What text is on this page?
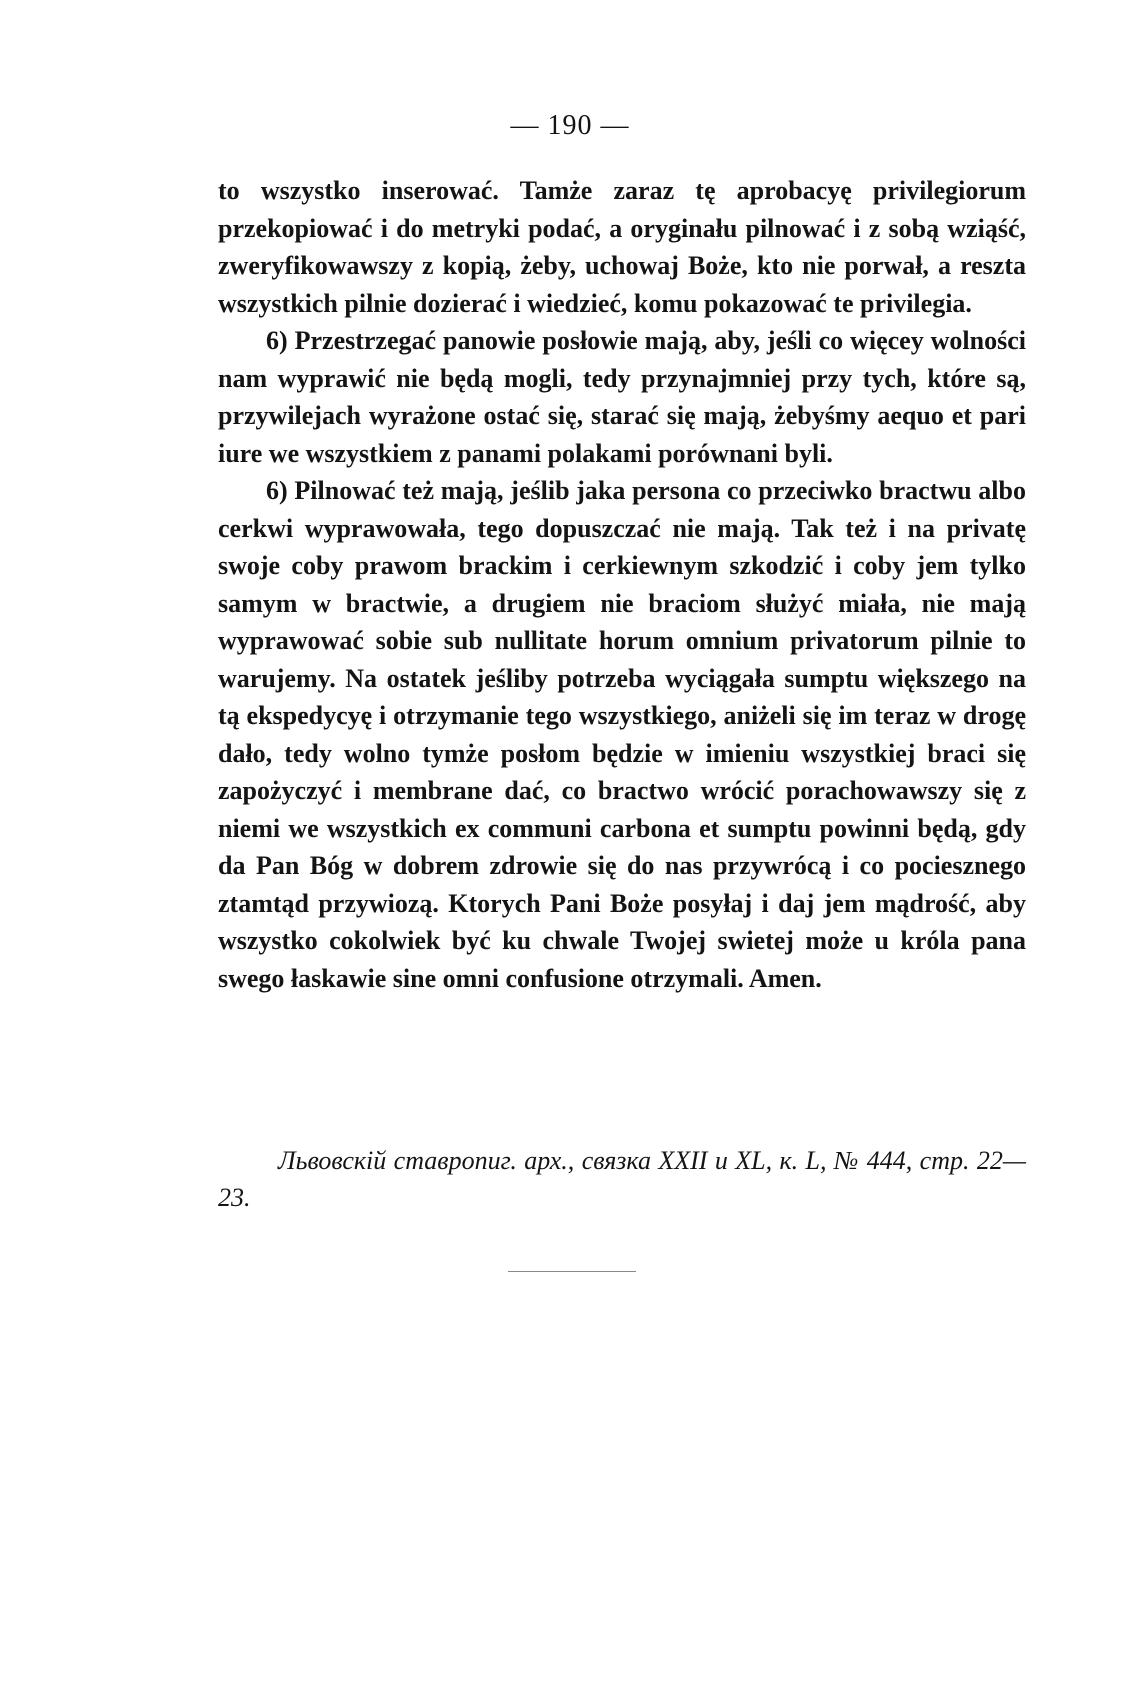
— 190 —

to wszystko inserować. Tamże zaraz tę aprobacyę privilegiorum przekopiować i do metryki podać, a oryginału pilnować i z sobą wziąść, zweryfikowawszy z kopią, żeby, uchowaj Boże, kto nie porwał, a reszta wszystkich pilnie dozierać i wiedzieć, komu pokazować te privilegia.

6) Przestrzegać panowie posłowie mają, aby, jeśli co więcey wolności nam wyprawić nie będą mogli, tedy przynajmniej przy tych, które są, przywilejach wyrażone ostać się, starać się mają, żebyśmy aequo et pari iure we wszystkiem z panami polakami porównani byli.

6) Pilnować też mają, jeślib jaka persona co przeciwko bractwu albo cerkwi wyprawowała, tego dopuszczać nie mają. Tak też i na privatę swoje coby prawom brackim i cerkiewnym szkodzić i coby jem tylko samym w bractwie, a drugiem nie braciom służyć miała, nie mają wyprawować sobie sub nullitate horum omnium privatorum pilnie to warujemy. Na ostatek jeśliby potrzeba wyciągała sumptu większego na tą ekspedycyę i otrzymanie tego wszystkiego, aniżeli się im teraz w drogę dało, tedy wolno tymże posłom będzie w imieniu wszystkiej braci się zapożyczyć i membrane dać, co bractwo wrócić porachowawszy się z niemi we wszystkich ex communi carbona et sumptu powinni będą, gdy da Pan Bóg w dobrem zdrowie się do nas przywrócą i co pociesznego ztamtąd przywiozą. Ktorych Pani Boże posyłaj i daj jem mądrość, aby wszystko cokolwiek być ku chwale Twojej swietej może u króla pana swego łaskawie sine omni confusione otrzymali. Amen.

Львовскій ставропиг. арх., связка XXII и XL, к. L, № 444, стр. 22—23.
